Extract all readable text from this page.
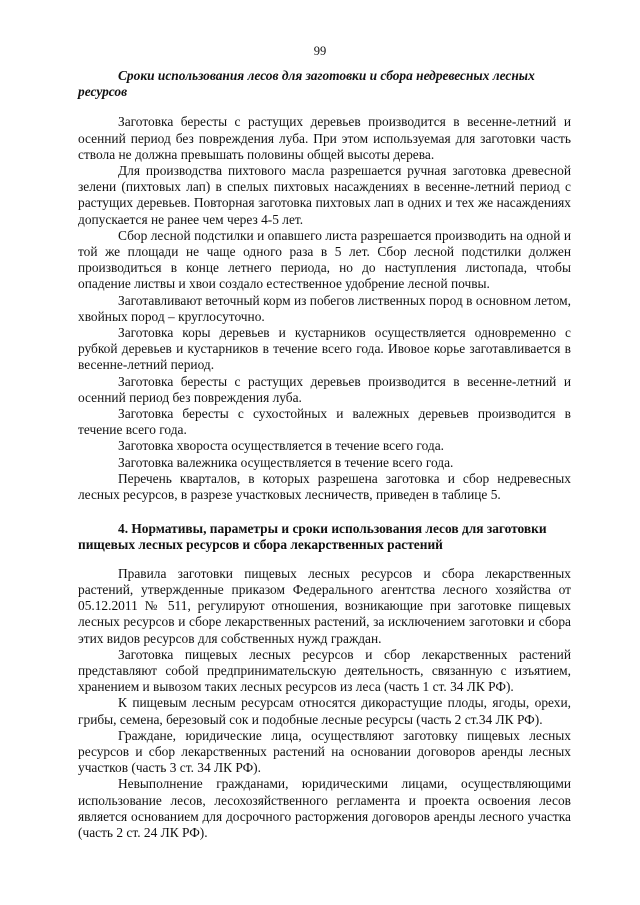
99
Сроки использования лесов для заготовки и сбора недревесных лесных ресурсов

Заготовка бересты с растущих деревьев производится в весенне-летний и осенний период без повреждения луба. При этом используемая для заготовки часть ствола не должна превышать половины общей высоты дерева.

Для производства пихтового масла разрешается ручная заготовка древесной зелени (пихтовых лап) в спелых пихтовых насаждениях в весенне-летний период с растущих деревьев. Повторная заготовка пихтовых лап в одних и тех же насаждениях допускается не ранее чем через 4-5 лет.

Сбор лесной подстилки и опавшего листа разрешается производить на одной и той же площади не чаще одного раза в 5 лет. Сбор лесной подстилки должен производиться в конце летнего периода, но до наступления листопада, чтобы опадение листвы и хвои создало естественное удобрение лесной почвы.

Заготавливают веточный корм из побегов лиственных пород в основном летом, хвойных пород – круглосуточно.

Заготовка коры деревьев и кустарников осуществляется одновременно с рубкой деревьев и кустарников в течение всего года. Ивовое корье заготавливается в весенне-летний период.

Заготовка бересты с растущих деревьев производится в весенне-летний и осенний период без повреждения луба.

Заготовка бересты с сухостойных и валежных деревьев производится в течение всего года.

Заготовка хвороста осуществляется в течение всего года.

Заготовка валежника осуществляется в течение всего года.

Перечень кварталов, в которых разрешена заготовка и сбор недревесных лесных ресурсов, в разрезе участковых лесничеств, приведен в таблице 5.

4. Нормативы, параметры и сроки использования лесов для заготовки пищевых лесных ресурсов и сбора лекарственных растений

Правила заготовки пищевых лесных ресурсов и сбора лекарственных растений, утвержденные приказом Федерального агентства лесного хозяйства от 05.12.2011 № 511, регулируют отношения, возникающие при заготовке пищевых лесных ресурсов и сборе лекарственных растений, за исключением заготовки и сбора этих видов ресурсов для собственных нужд граждан.

Заготовка пищевых лесных ресурсов и сбор лекарственных растений представляют собой предпринимательскую деятельность, связанную с изъятием, хранением и вывозом таких лесных ресурсов из леса (часть 1 ст. 34 ЛК РФ).

К пищевым лесным ресурсам относятся дикорастущие плоды, ягоды, орехи, грибы, семена, березовый сок и подобные лесные ресурсы (часть 2 ст.34 ЛК РФ).

Граждане, юридические лица, осуществляют заготовку пищевых лесных ресурсов и сбор лекарственных растений на основании договоров аренды лесных участков (часть 3 ст. 34 ЛК РФ).

Невыполнение гражданами, юридическими лицами, осуществляющими использование лесов, лесохозяйственного регламента и проекта освоения лесов является основанием для досрочного расторжения договоров аренды лесного участка (часть 2 ст. 24 ЛК РФ).
